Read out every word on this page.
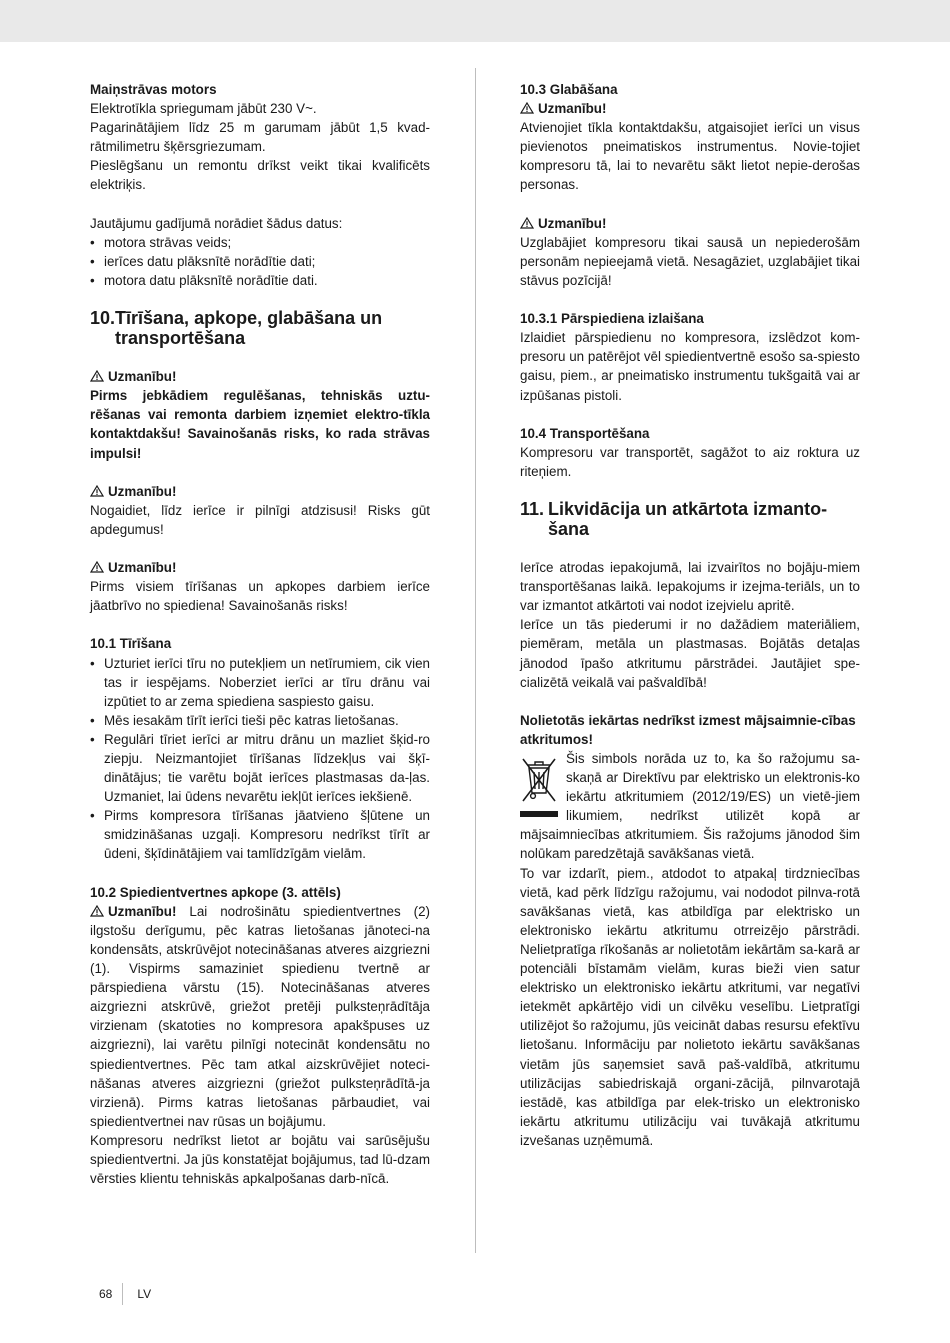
Maiņstrāvas motors

Elektrotīkla spriegumam jābūt 230 V~.

Pagarinātājiem līdz 25 m garumam jābūt 1,5 kvad-rātmilimetru šķērsgriezumam.

Pieslēgšanu un remontu drīkst veikt tikai kvalificēts elektriķis.

Jautājumu gadījumā norādiet šādus datus:

• motora strāvas veids;
• ierīces datu plāksnītē norādītie dati;
• motora datu plāksnītē norādītie dati.
10. Tīrīšana, apkope, glabāšana un transportēšana

Uzmanību!

Pirms jebkādiem regulēšanas, tehniskās uztu-rēšanas vai remonta darbiem izņemiet elektro-tīkla kontaktdakšu! Savainošanās risks, ko rada strāvas impulsi!

Uzmanību!

Nogaidiet, līdz ierīce ir pilnīgi atdzisusi! Risks gūt apdegumus!

Uzmanību!

Pirms visiem tīrīšanas un apkopes darbiem ierīce jāatbrīvo no spiediena! Savainošanās risks!

10.1 Tīrīšana

• Uzturiet ierīci tīru no putekļiem un netīrumiem, cik vien tas ir iespējams. Noberziet ierīci ar tīru drānu vai izpūtiet to ar zema spiediena saspiesto gaisu.
• Mēs iesakām tīrīt ierīci tieši pēc katras lietošanas.
• Regulāri tīriet ierīci ar mitru drānu un mazliet šķid-ro ziepju. Neizmantojiet tīrīšanas līdzekļus vai šķī-dinātājus; tie varētu bojāt ierīces plastmasas da-ļas. Uzmaniet, lai ūdens nevarētu iekļūt ierīces iekšienē.
• Pirms kompresora tīrīšanas jāatvieno šļūtene un smidzināšanas uzgaļi. Kompresoru nedrīkst tīrīt ar ūdeni, šķīdinātājiem vai tamlīdzīgām vielām.

10.2 Spiedientvertnes apkope (3. attēls)

Uzmanību! Lai nodrošinātu spiedientvertnes (2) ilgstošu derīgumu, pēc katras lietošanas jānoteci-na kondensāts, atskrūvējot notecināšanas atveres aizgriezni (1). Vispirms samaziniet spiedienu tvertnē ar pārspiediena vārstu (15). Notecināšanas atveres aizgriezni atskrūvē, griežot pretēji pulksteņrādītāja virzienam (skatoties no kompresora apakšpuses uz aizgriezni), lai varētu pilnīgi notecināt kondensātu no spiedientvertnes. Pēc tam atkal aizskrūvējiet noteci-nāšanas atveres aizgriezni (griežot pulksteņrādītā-ja virzienā). Pirms katras lietošanas pārbaudiet, vai spiedientvertnei nav rūsas un bojājumu.

Kompresoru nedrīkst lietot ar bojātu vai sarūsējušu spiedientvertni. Ja jūs konstatējat bojājumus, tad lū-dzam vērsties klientu tehniskās apkalpošanas darb-nīcā.

10.3 Glabāšana

Uzmanību!

Atvienojiet tīkla kontaktdakšu, atgaisojiet ierīci un visus pievienotos pneimatiskos instrumentus. Novie-tojiet kompresoru tā, lai to nevarētu sākt lietot nepie-derošas personas.

Uzmanību!

Uzglabājiet kompresoru tikai sausā un nepiederošām personām nepieejamā vietā. Nesagāziet, uzglabājiet tikai stāvus pozīcijā!

10.3.1 Pārspiediena izlaišana

Izlaidiet pārspiedienu no kompresora, izslēdzot kom-presoru un patērējot vēl spiedientvertnē esošo sa-spiesto gaisu, piem., ar pneimatisko instrumentu tukšgaitā vai ar izpūšanas pistoli.

10.4 Transportēšana

Kompresoru var transportēt, sagāžot to aiz roktura uz riteņiem.

11. Likvidācija un atkārtota izmanto-šana

Ierīce atrodas iepakojumā, lai izvairītos no bojāju-miem transportēšanas laikā. Iepakojums ir izejma-teriāls, un to var izmantot atkārtoti vai nodot izejvielu apritē.

Ierīce un tās piederumi ir no dažādiem materiāliem, piemēram, metāla un plastmasas. Bojātās detaļas jānodod īpašo atkritumu pārstrādei. Jautājiet spe-cializētā veikalā vai pašvaldībā!

Nolietotās iekārtas nedrīkst izmest mājsaimnie-cības atkritumos!

Šis simbols norāda uz to, ka šo ražojumu sa-skaņā ar Direktīvu par elektrisko un elektronis-ko iekārtu atkritumiem (2012/19/ES) un vietē-jiem likumiem, nedrīkst utilizēt kopā ar mājsaimniecības atkritumiem. Šis ražojums jānodod šim nolūkam paredzētajā savākšanas vietā.

To var izdarīt, piem., atdodot to atpakaļ tirdzniecības vietā, kad pērk līdzīgu ražojumu, vai nododot pilnva-rotā savākšanas vietā, kas atbildīga par elektrisko un elektronisko iekārtu atkritumu otrreizējo pārstrādi. Nelietpratīga rīkošanās ar nolietotām iekārtām sa-karā ar potenciāli bīstamām vielām, kuras bieži vien satur elektrisko un elektronisko iekārtu atkritumi, var negatīvi ietekmēt apkārtējo vidi un cilvēku veselību. Lietpratīgi utilizējot šo ražojumu, jūs veicināt dabas resursu efektīvu lietošanu. Informāciju par nolietoto iekārtu savākšanas vietām jūs saņemsiet savā paš-valdībā, atkritumu utilizācijas sabiedriskajā organi-zācijā, pilnvarotajā iestādē, kas atbildīga par elek-trisko un elektronisko iekārtu atkritumu utilizāciju vai tuvākajā atkritumu izvešanas uzņēmumā.

68 LV
